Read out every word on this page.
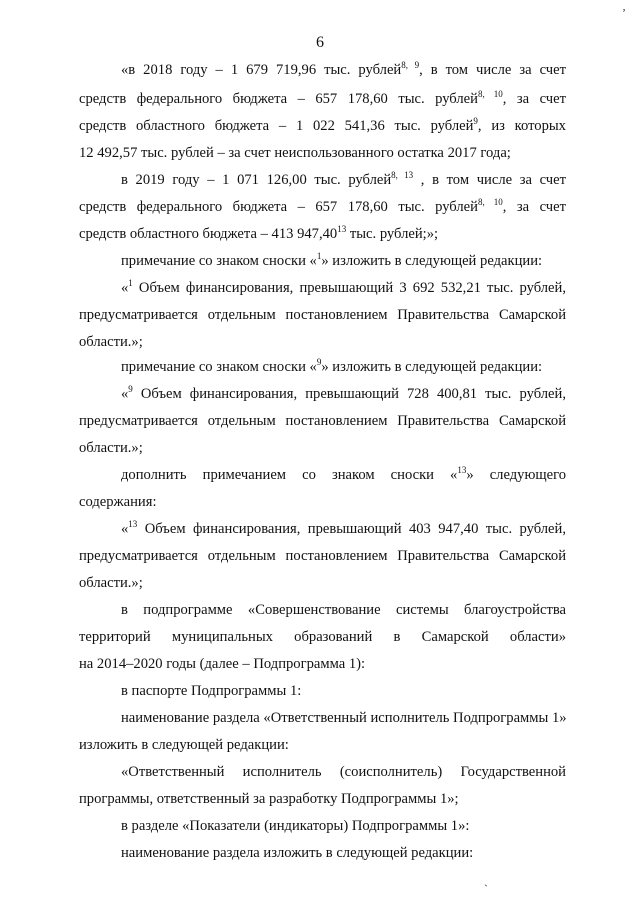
6
«в 2018 году – 1 679 719,96 тыс. рублей$^{8, 9}$, в том числе за счет
средств федерального бюджета – 657 178,60 тыс. рублей$^{8, 10}$, за счет
средств областного бюджета – 1 022 541,36 тыс. рублей$^9$, из которых
12 492,57 тыс. рублей – за счет неиспользованного остатка 2017 года;
в 2019 году – 1 071 126,00 тыс. рублей$^{8, 13}$ , в том числе за счет
средств федерального бюджета – 657 178,60 тыс. рублей$^{8, 10}$, за счет
средств областного бюджета – 413 947,40$^{13}$ тыс. рублей;»;
примечание со знаком сноски «$^1$» изложить в следующей редакции:
«$^1$ Объем финансирования, превышающий 3 692 532,21 тыс. рублей,
предусматривается отдельным постановлением Правительства Самарской
области.»;
примечание со знаком сноски «$^9$» изложить в следующей редакции:
«$^9$ Объем финансирования, превышающий 728 400,81 тыс. рублей,
предусматривается отдельным постановлением Правительства Самарской
области.»;
дополнить примечанием со знаком сноски «$^{13}$» следующего
содержания:
«$^{13}$ Объем финансирования, превышающий 403 947,40 тыс. рублей,
предусматривается отдельным постановлением Правительства Самарской
области.»;
в подпрограмме «Совершенствование системы благоустройства
территорий муниципальных образований в Самарской области»
на 2014–2020 годы (далее – Подпрограмма 1):
в паспорте Подпрограммы 1:
наименование раздела «Ответственный исполнитель Подпрограммы 1»
изложить в следующей редакции:
«Ответственный исполнитель (соисполнитель) Государственной
программы, ответственный за разработку Подпрограммы 1»;
в разделе «Показатели (индикаторы) Подпрограммы 1»:
наименование раздела изложить в следующей редакции:
ʼ
ˋ
